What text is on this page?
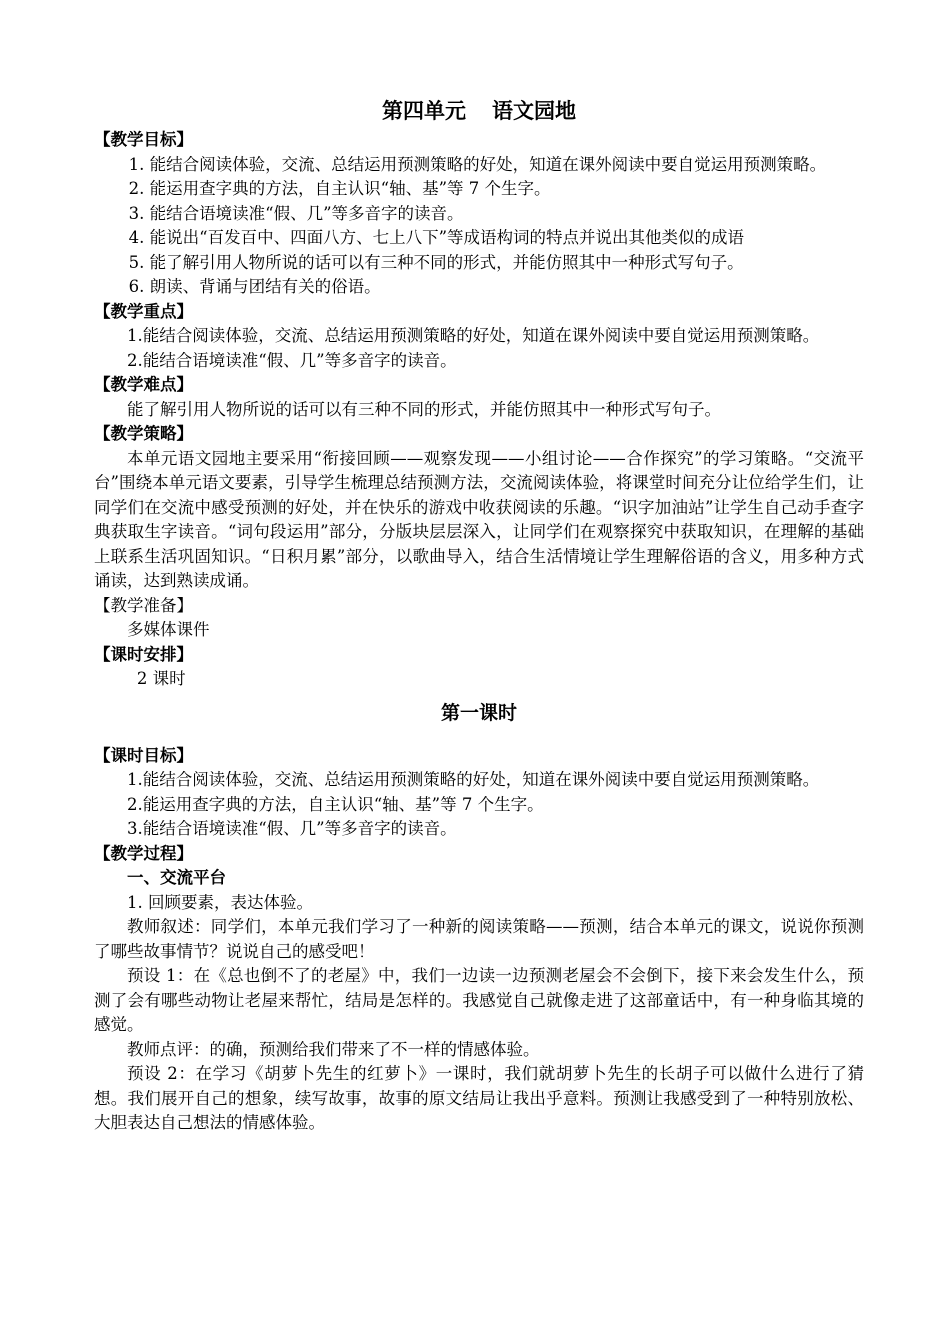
第四单元 语文园地

【教学目标】

1. 能结合阅读体验，交流、总结运用预测策略的好处，知道在课外阅读中要自觉运用预测策略。

2. 能运用查字典的方法，自主认识“轴、基”等 7 个生字。

3. 能结合语境读准“假、几”等多音字的读音。

4. 能说出“百发百中、四面八方、七上八下”等成语构词的特点并说出其他类似的成语

5. 能了解引用人物所说的话可以有三种不同的形式，并能仿照其中一种形式写句子。

6. 朗读、背诵与团结有关的俗语。

【教学重点】

1.能结合阅读体验，交流、总结运用预测策略的好处，知道在课外阅读中要自觉运用预测策略。

2.能结合语境读准“假、几”等多音字的读音。

【教学难点】

能了解引用人物所说的话可以有三种不同的形式，并能仿照其中一种形式写句子。

【教学策略】

本单元语文园地主要采用“衔接回顾——观察发现——小组讨论——合作探究”的学习策略。“交流平台”围绕本单元语文要素，引导学生梳理总结预测方法，交流阅读体验，将课堂时间充分让位给学生们，让同学们在交流中感受预测的好处，并在快乐的游戏中收获阅读的乐趣。“识字加油站”让学生自己动手查字典获取生字读音。“词句段运用”部分，分版块层层深入，让同学们在观察探究中获取知识，在理解的基础上联系生活巩固知识。“日积月累”部分，以歌曲导入，结合生活情境让学生理解俗语的含义，用多种方式诵读，达到熟读成诵。

【教学准备】

多媒体课件

【课时安排】

2 课时

第一课时

【课时目标】

1.能结合阅读体验，交流、总结运用预测策略的好处，知道在课外阅读中要自觉运用预测策略。

2.能运用查字典的方法，自主认识“轴、基”等 7 个生字。

3.能结合语境读准“假、几”等多音字的读音。

【教学过程】

一、交流平台

1. 回顾要素，表达体验。

教师叙述：同学们，本单元我们学习了一种新的阅读策略——预测，结合本单元的课文，说说你预测了哪些故事情节？说说自己的感受吧！

预设 1：在《总也倒不了的老屋》中，我们一边读一边预测老屋会不会倒下，接下来会发生什么，预测了会有哪些动物让老屋来帮忙，结局是怎样的。我感觉自己就像走进了这部童话中，有一种身临其境的感觉。

教师点评：的确，预测给我们带来了不一样的情感体验。

预设 2：在学习《胡萝卜先生的红萝卜》一课时，我们就胡萝卜先生的长胡子可以做什么进行了猜想。我们展开自己的想象，续写故事，故事的原文结局让我出乎意料。预测让我感受到了一种特别放松、大胆表达自己想法的情感体验。
